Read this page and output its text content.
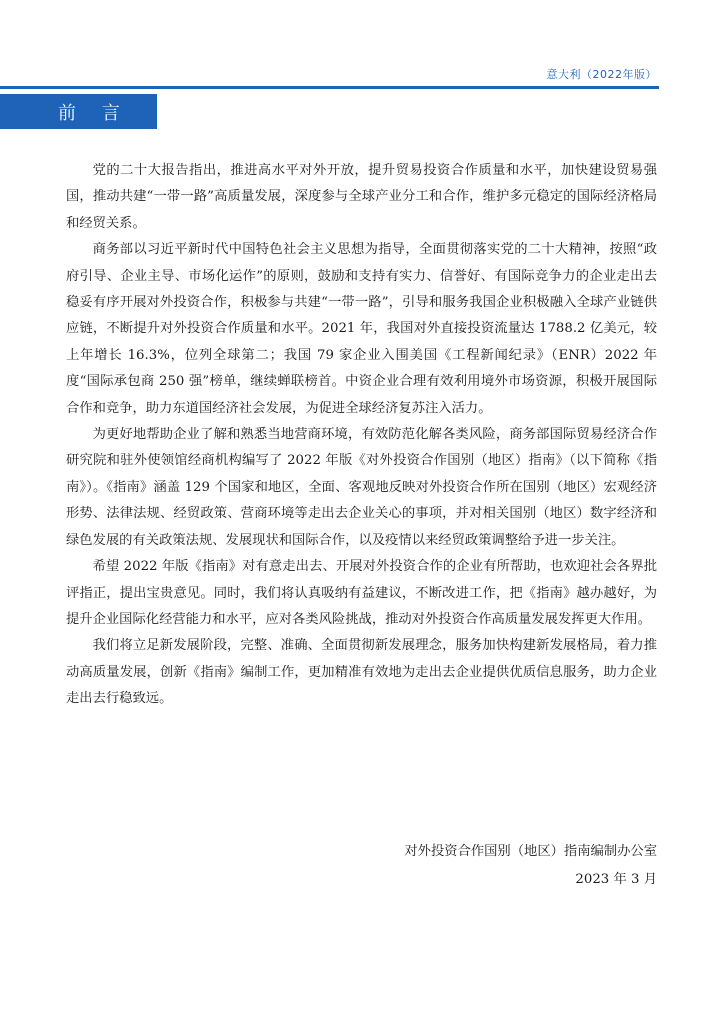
意大利（2022年版）
前 言

党的二十大报告指出，推进高水平对外开放，提升贸易投资合作质量和水平，加快建设贸易强国，推动共建“一带一路”高质量发展，深度参与全球产业分工和合作，维护多元稳定的国际经济格局和经贸关系。

商务部以习近平新时代中国特色社会主义思想为指导，全面贯彻落实党的二十大精神，按照“政府引导、企业主导、市场化运作”的原则，鼓励和支持有实力、信誉好、有国际竞争力的企业走出去稳妥有序开展对外投资合作，积极参与共建“一带一路”，引导和服务我国企业积极融入全球产业链供应链，不断提升对外投资合作质量和水平。2021 年，我国对外直接投资流量达 1788.2 亿美元，较上年增长 16.3%，位列全球第二；我国 79 家企业入围美国《工程新闻纪录》（ENR）2022 年度“国际承包商 250 强”榜单，继续蝉联榜首。中资企业合理有效利用境外市场资源，积极开展国际合作和竞争，助力东道国经济社会发展，为促进全球经济复苏注入活力。

为更好地帮助企业了解和熟悉当地营商环境，有效防范化解各类风险，商务部国际贸易经济合作研究院和驻外使领馆经商机构编写了 2022 年版《对外投资合作国别（地区）指南》（以下简称《指南》）。《指南》涵盖 129 个国家和地区，全面、客观地反映对外投资合作所在国别（地区）宏观经济形势、法律法规、经贸政策、营商环境等走出去企业关心的事项，并对相关国别（地区）数字经济和绿色发展的有关政策法规、发展现状和国际合作，以及疫情以来经贸政策调整给予进一步关注。

希望 2022 年版《指南》对有意走出去、开展对外投资合作的企业有所帮助，也欢迎社会各界批评指正，提出宝贵意见。同时，我们将认真吸纳有益建议，不断改进工作，把《指南》越办越好，为提升企业国际化经营能力和水平，应对各类风险挑战，推动对外投资合作高质量发展发挥更大作用。

我们将立足新发展阶段，完整、准确、全面贯彻新发展理念，服务加快构建新发展格局，着力推动高质量发展，创新《指南》编制工作，更加精准有效地为走出去企业提供优质信息服务，助力企业走出去行稳致远。

对外投资合作国别（地区）指南编制办公室
2023 年 3 月
